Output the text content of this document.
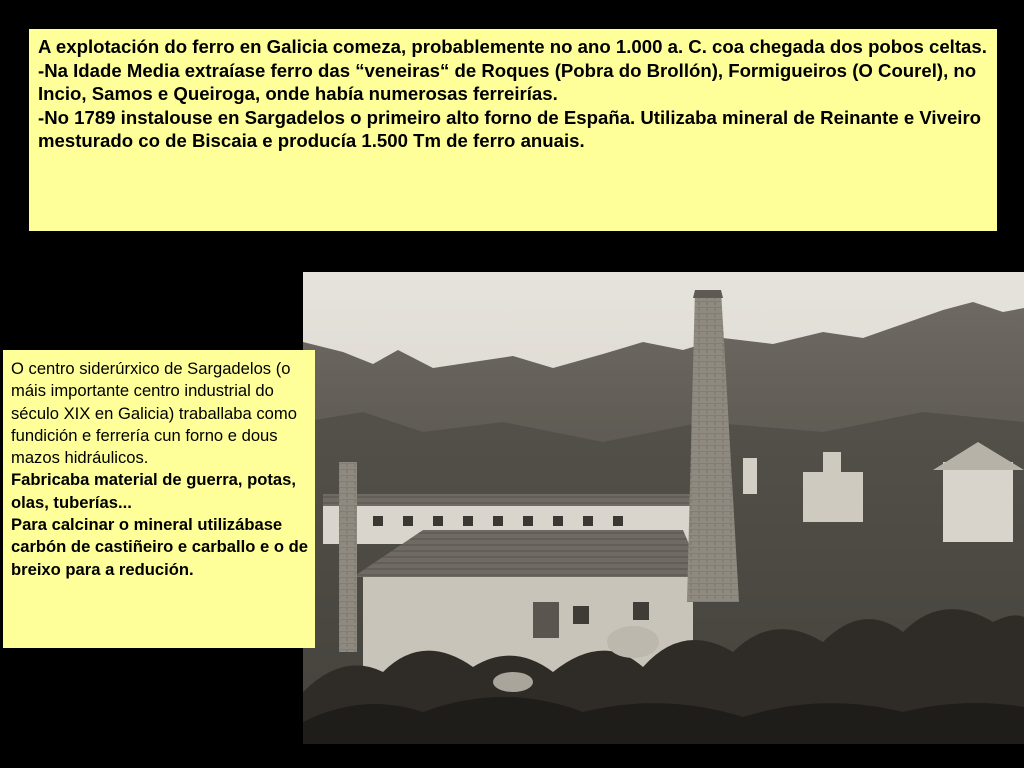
A explotación do ferro en Galicia comeza, probablemente no ano 1.000 a. C. coa chegada dos pobos celtas.

-Na Idade Media extraíase ferro das “veneiras“ de Roques (Pobra do Brollón), Formigueiros (O Courel), no Incio, Samos e Queiroga, onde había numerosas ferreirías.

-No 1789 instalouse en Sargadelos o primeiro alto forno de España. Utilizaba mineral de Reinante e Viveiro mesturado co de Biscaia e producía 1.500 Tm de ferro anuais.

O centro siderúrxico de Sargadelos (o máis importante centro industrial do século XIX en Galicia) traballaba como fundición e ferrería cun forno e dous mazos hidráulicos.

Fabricaba material de guerra, potas, olas, tuberías...

Para calcinar o mineral utilizábase carbón de castiñeiro e carballo e o de breixo para a redución.
